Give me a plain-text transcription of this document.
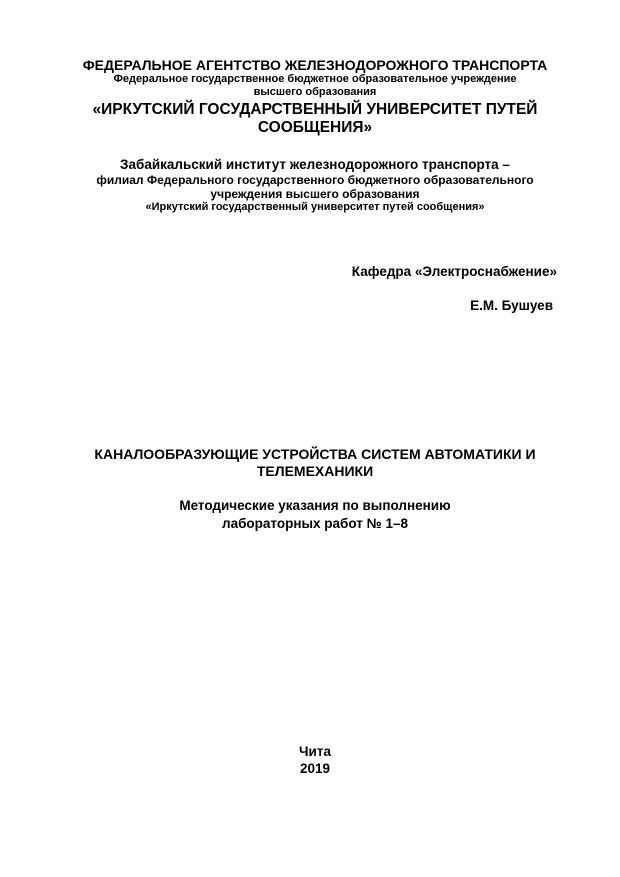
ФЕДЕРАЛЬНОЕ АГЕНТСТВО ЖЕЛЕЗНОДОРОЖНОГО ТРАНСПОРТА
Федеральное государственное бюджетное образовательное учреждение
высшего образования
«ИРКУТСКИЙ ГОСУДАРСТВЕННЫЙ УНИВЕРСИТЕТ ПУТЕЙ
СООБЩЕНИЯ»
Забайкальский институт железнодорожного транспорта –
филиал Федерального государственного бюджетного образовательного
учреждения высшего образования
«Иркутский государственный университет путей сообщения»
Кафедра «Электроснабжение»
Е.М. Бушуев
КАНАЛООБРАЗУЮЩИЕ УСТРОЙСТВА СИСТЕМ АВТОМАТИКИ И
ТЕЛЕМЕХАНИКИ
Методические указания по выполнению
лабораторных работ № 1–8
Чита
2019
